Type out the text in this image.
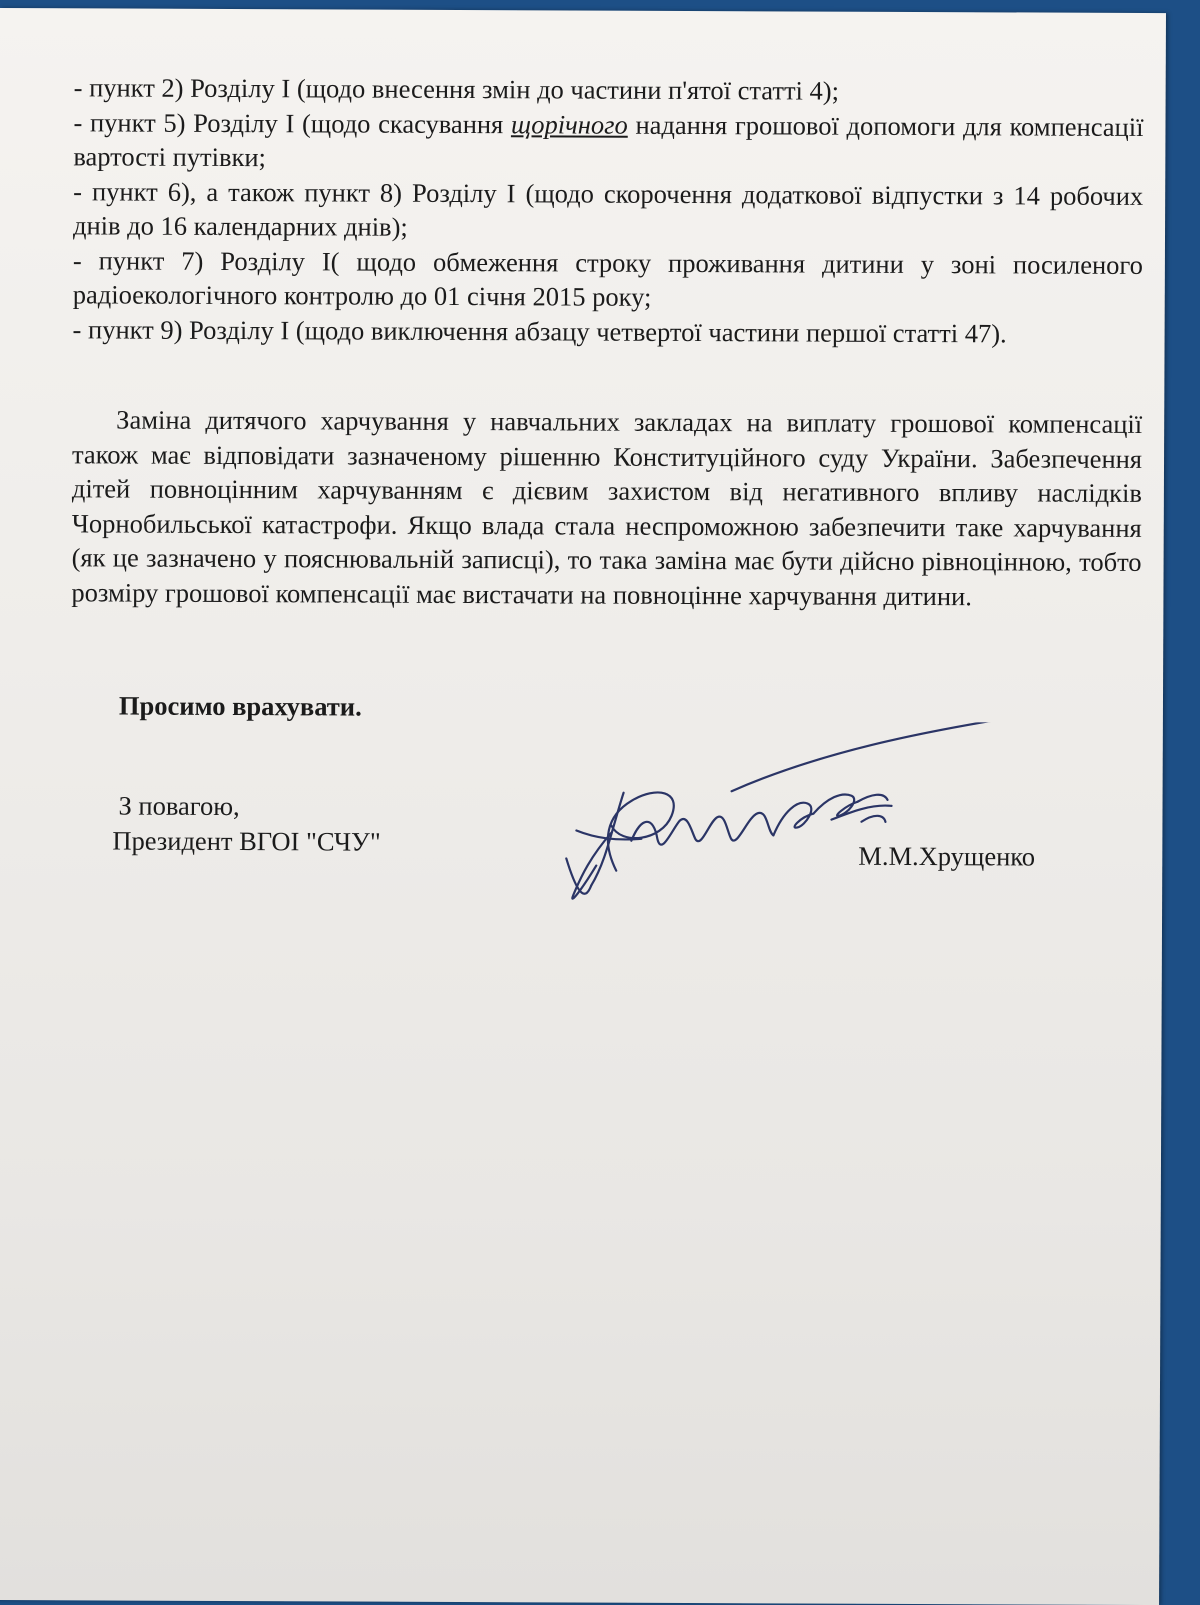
- пункт 2) Розділу I (щодо внесення змін до частини п'ятої статті 4);

- пункт 5) Розділу I (щодо скасування щорічного надання грошової допомоги для компенсації вартості путівки;

- пункт 6), а також пункт 8) Розділу I (щодо скорочення додаткової відпустки з 14 робочих днів до 16 календарних днів);

- пункт 7) Розділу I( щодо обмеження строку проживання дитини у зоні посиленого радіоекологічного контролю до 01 січня 2015 року;

- пункт 9) Розділу I (щодо виключення абзацу четвертої частини першої статті 47).

Заміна дитячого харчування у навчальних закладах на виплату грошової компенсації також має відповідати зазначеному рішенню Конституційного суду України. Забезпечення дітей повноцінним харчуванням є дієвим захистом від негативного впливу наслідків Чорнобильської катастрофи. Якщо влада стала неспроможною забезпечити таке харчування (як це зазначено у пояснювальній записці), то така заміна має бути дійсно рівноцінною, тобто розміру грошової компенсації має вистачати на повноцінне харчування дитини.

Просимо врахувати.

З повагою,

Президент ВГОІ "СЧУ"	М.М.Хрущенко
